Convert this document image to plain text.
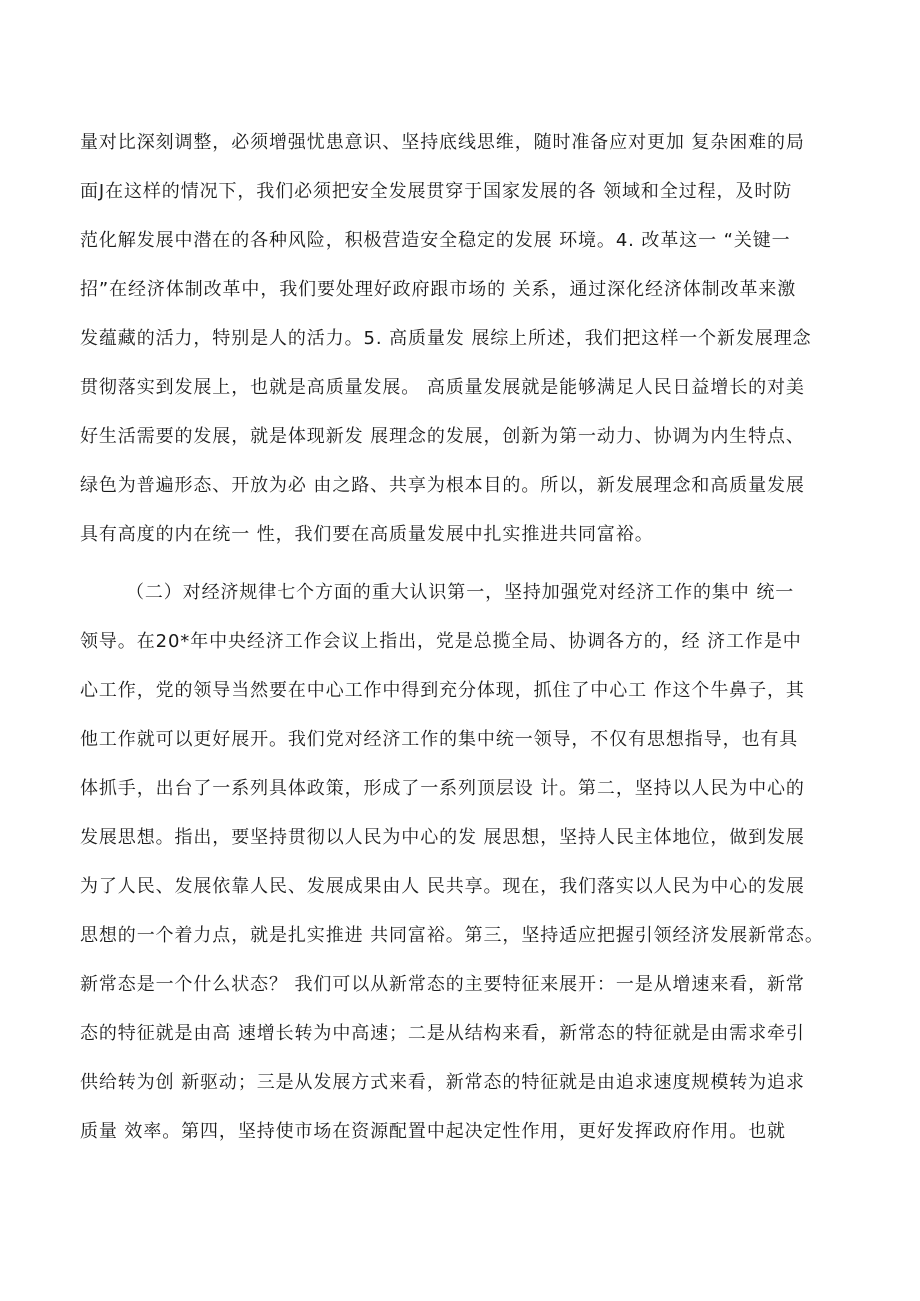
量对比深刻调整，必须增强忧患意识、坚持底线思维，随时准备应对更加 复杂困难的局
面J在这样的情况下，我们必须把安全发展贯穿于国家发展的各 领域和全过程，及时防
范化解发展中潜在的各种风险，积极营造安全稳定的发展 环境。4. 改革这一 “关键一
招”在经济体制改革中，我们要处理好政府跟市场的 关系，通过深化经济体制改革来激
发蕴藏的活力，特别是人的活力。5. 高质量发 展综上所述，我们把这样一个新发展理念
贯彻落实到发展上，也就是高质量发展。 高质量发展就是能够满足人民日益增长的对美
好生活需要的发展，就是体现新发 展理念的发展，创新为第一动力、协调为内生特点、
绿色为普遍形态、开放为必 由之路、共享为根本目的。所以，新发展理念和高质量发展
具有高度的内在统一 性，我们要在高质量发展中扎实推进共同富裕。
（二）对经济规律七个方面的重大认识第一，坚持加强党对经济工作的集中 统一
领导。在20*年中央经济工作会议上指出，党是总揽全局、协调各方的，经 济工作是中
心工作，党的领导当然要在中心工作中得到充分体现，抓住了中心工 作这个牛鼻子，其
他工作就可以更好展开。我们党对经济工作的集中统一领导，不仅有思想指导，也有具
体抓手，出台了一系列具体政策，形成了一系列顶层设 计。第二，坚持以人民为中心的
发展思想。指出，要坚持贯彻以人民为中心的发 展思想，坚持人民主体地位，做到发展
为了人民、发展依靠人民、发展成果由人 民共享。现在，我们落实以人民为中心的发展
思想的一个着力点，就是扎实推进 共同富裕。第三，坚持适应把握引领经济发展新常态。
新常态是一个什么状态？ 我们可以从新常态的主要特征来展开：一是从增速来看，新常
态的特征就是由高 速增长转为中高速；二是从结构来看，新常态的特征就是由需求牵引
供给转为创 新驱动；三是从发展方式来看，新常态的特征就是由追求速度规模转为追求
质量 效率。第四，坚持使市场在资源配置中起决定性作用，更好发挥政府作用。也就
